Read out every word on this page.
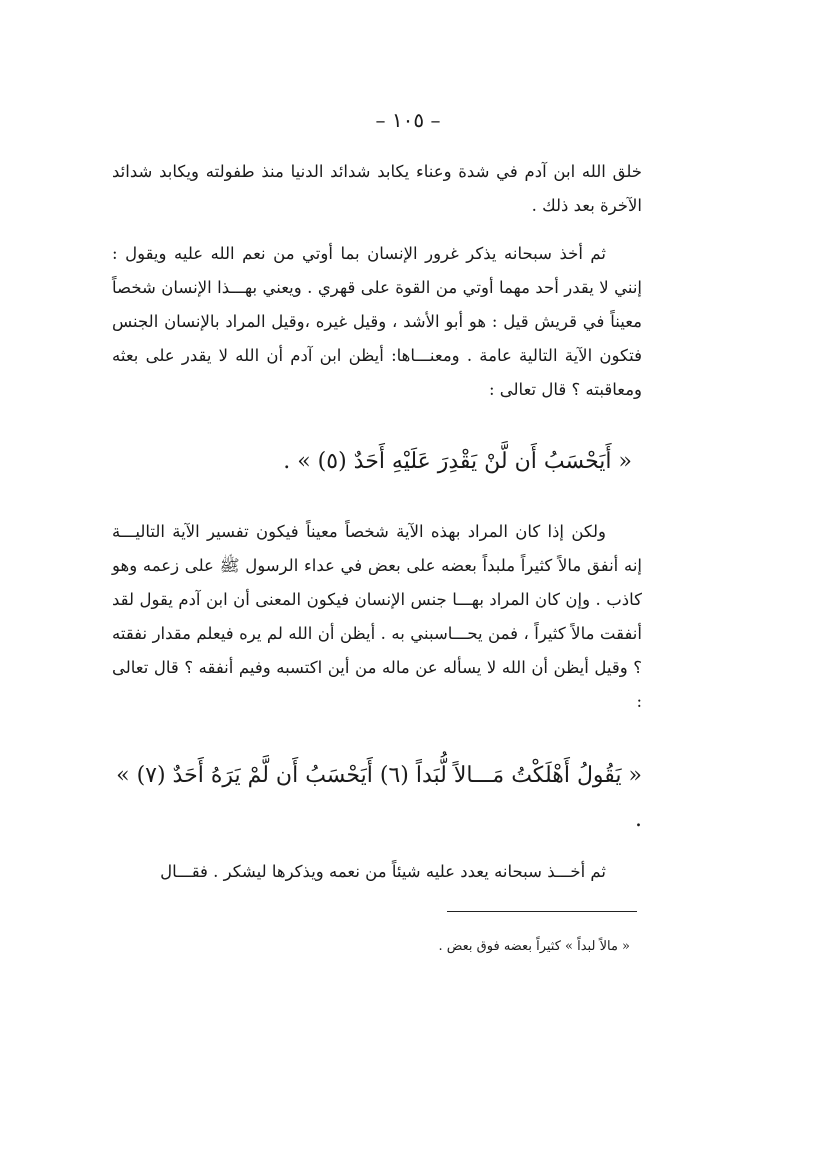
– ١٠٥ –

خلق الله ابن آدم في شدة وعناء يكابد شدائد الدنيا منذ طفولته ويكابد شدائد الآخرة بعد ذلك .

ثم أخذ سبحانه يذكر غرور الإنسان بما أوتي من نعم الله عليه ويقول : إنني لا يقدر أحد مهما أوتي من القوة على قهري . ويعني بهـــذا الإنسان شخصاً معيناً في قريش قيل : هو أبو الأشد ، وقيل غيره ،وقيل المراد بالإنسان الجنس فتكون الآية التالية عامة . ومعنـــاها: أيظن ابن آدم أن الله لا يقدر على بعثه ومعاقبته ؟ قال تعالى :

« أَيَحْسَبُ أَن لَّنْ يَقْدِرَ عَلَيْهِ أَحَدٌ (٥) » .

ولكن إذا كان المراد بهذه الآية شخصاً معيناً فيكون تفسير الآية التاليـــة إنه أنفق مالاً كثيراً ملبداً بعضه على بعض في عداء الرسول ﷺ على زعمه وهو كاذب . وإن كان المراد بهـــا جنس الإنسان فيكون المعنى أن ابن آدم يقول لقد أنفقت مالاً كثيراً ، فمن يحـــاسبني به . أيظن أن الله لم يره فيعلم مقدار نفقته ؟ وقيل أيظن أن الله لا يسأله عن ماله من أين اكتسبه وفيم أنفقه ؟ قال تعالى :

« يَقُولُ أَهْلَكْتُ مَـــالاً لُّبَداً (٦) أَيَحْسَبُ أَن لَّمْ يَرَهُ أَحَدٌ (٧) » .

ثم أخـــذ سبحانه يعدد عليه شيئاً من نعمه ويذكرها ليشكر . فقـــال

« مالاً لبداً » كثيراً بعضه فوق بعض .
